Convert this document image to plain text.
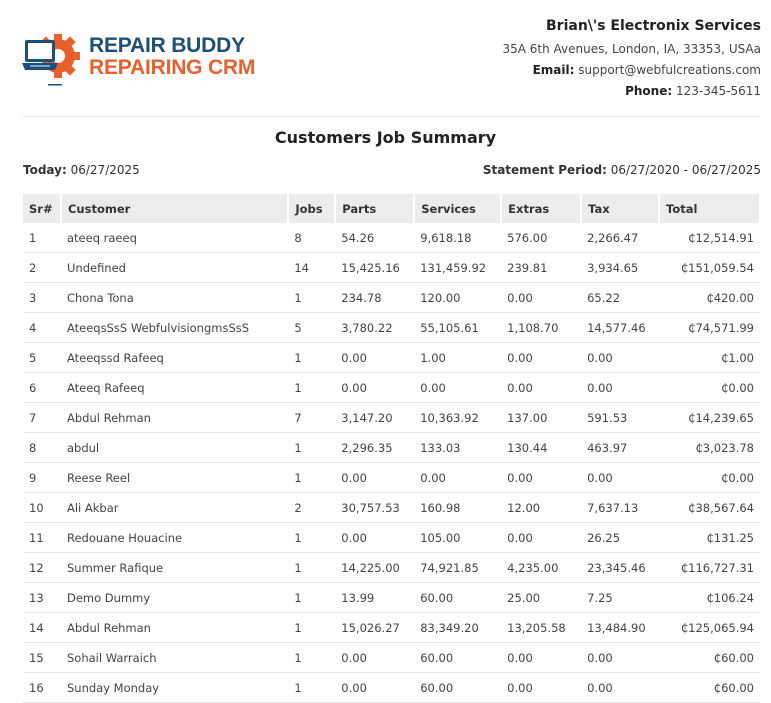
REPAIR BUDDY
REPAIRING CRM
Brian\'s Electronix Services
35A 6th Avenues, London, IA, 33353, USAa
Email: support@webfulcreations.com
Phone: 123-345-5611
Customers Job Summary
Today: 06/27/2025	Statement Period: 06/27/2020 - 06/27/2025
Sr#	Customer	Jobs	Parts	Services	Extras	Tax	Total
1	ateeq raeeq	8	54.26	9,618.18	576.00	2,266.47	₵12,514.91
2	Undefined	14	15,425.16	131,459.92	239.81	3,934.65	₵151,059.54
3	Chona Tona	1	234.78	120.00	0.00	65.22	₵420.00
4	AteeqsSsS WebfulvisiongmsSsS	5	3,780.22	55,105.61	1,108.70	14,577.46	₵74,571.99
5	Ateeqssd Rafeeq	1	0.00	1.00	0.00	0.00	₵1.00
6	Ateeq Rafeeq	1	0.00	0.00	0.00	0.00	₵0.00
7	Abdul Rehman	7	3,147.20	10,363.92	137.00	591.53	₵14,239.65
8	abdul	1	2,296.35	133.03	130.44	463.97	₵3,023.78
9	Reese Reel	1	0.00	0.00	0.00	0.00	₵0.00
10	Ali Akbar	2	30,757.53	160.98	12.00	7,637.13	₵38,567.64
11	Redouane Houacine	1	0.00	105.00	0.00	26.25	₵131.25
12	Summer Rafique	1	14,225.00	74,921.85	4,235.00	23,345.46	₵116,727.31
13	Demo Dummy	1	13.99	60.00	25.00	7.25	₵106.24
14	Abdul Rehman	1	15,026.27	83,349.20	13,205.58	13,484.90	₵125,065.94
15	Sohail Warraich	1	0.00	60.00	0.00	0.00	₵60.00
16	Sunday Monday	1	0.00	60.00	0.00	0.00	₵60.00
